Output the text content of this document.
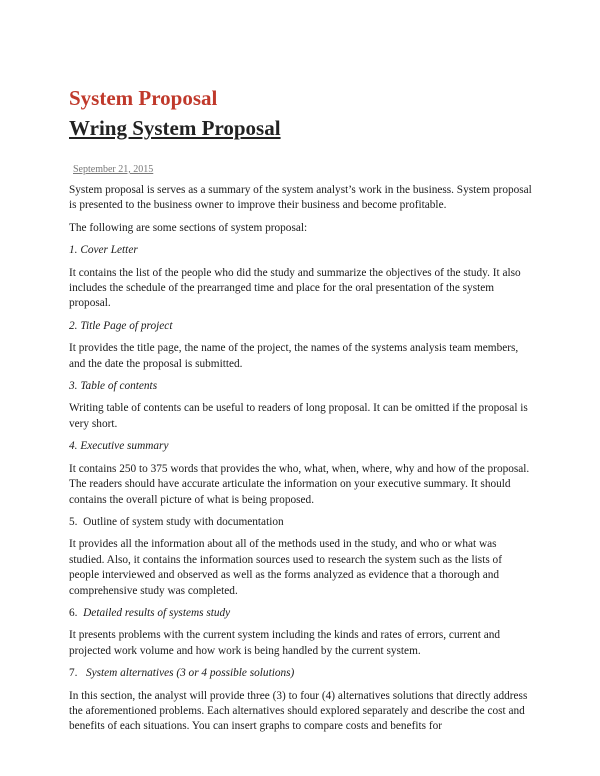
System Proposal
Wring System Proposal
September 21, 2015

System proposal is serves as a summary of the system analyst’s work in the business. System proposal is presented to the business owner to improve their business and become profitable.

The following are some sections of system proposal:

1. Cover Letter

It contains the list of the people who did the study and summarize the objectives of the study. It also includes the schedule of the prearranged time and place for the oral presentation of the system proposal.

2. Title Page of project

It provides the title page, the name of the project, the names of the systems analysis team members, and the date the proposal is submitted.

3. Table of contents

Writing table of contents can be useful to readers of long proposal. It can be omitted if the proposal is very short.

4. Executive summary

It contains 250 to 375 words that provides the who, what, when, where, why and how of the proposal. The readers should have accurate articulate the information on your executive summary. It should contains the overall picture of what is being proposed.

5. Outline of system study with documentation

It provides all the information about all of the methods used in the study, and who or what was studied. Also, it contains the information sources used to research the system such as the lists of people interviewed and observed as well as the forms analyzed as evidence that a thorough and comprehensive study was completed.

6. Detailed results of systems study

It presents problems with the current system including the kinds and rates of errors, current and projected work volume and how work is being handled by the current system.

7. System alternatives (3 or 4 possible solutions)

In this section, the analyst will provide three (3) to four (4) alternatives solutions that directly address the aforementioned problems. Each alternatives should explored separately and describe the cost and benefits of each situations. You can insert graphs to compare costs and benefits for
